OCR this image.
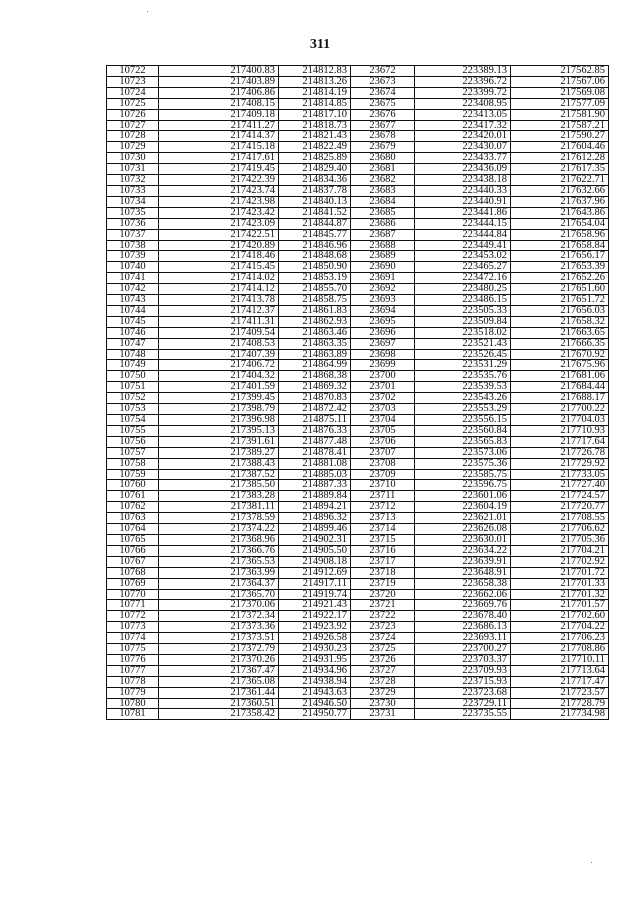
311
10722	217400.83	214812.83	23672	223389.13	217562.85
10723	217403.89	214813.26	23673	223396.72	217567.06
10724	217406.86	214814.19	23674	223399.72	217569.08
10725	217408.15	214814.85	23675	223408.95	217577.09
10726	217409.18	214817.10	23676	223413.05	217581.90
10727	217411.27	214818.73	23677	223417.32	217587.21
10728	217414.37	214821.43	23678	223420.01	217590.27
10729	217415.18	214822.49	23679	223430.07	217604.46
10730	217417.61	214825.89	23680	223433.77	217612.28
10731	217419.45	214829.40	23681	223436.09	217617.35
10732	217422.39	214834.36	23682	223438.18	217622.71
10733	217423.74	214837.78	23683	223440.33	217632.66
10734	217423.98	214840.13	23684	223440.91	217637.96
10735	217423.42	214841.52	23685	223441.86	217643.86
10736	217423.09	214844.87	23686	223444.15	217654.04
10737	217422.51	214845.77	23687	223444.84	217658.96
10738	217420.89	214846.96	23688	223449.41	217658.84
10739	217418.46	214848.68	23689	223453.02	217656.17
10740	217415.45	214850.90	23690	223465.27	217653.39
10741	217414.02	214853.19	23691	223472.16	217652.26
10742	217414.12	214855.70	23692	223480.25	217651.60
10743	217413.78	214858.75	23693	223486.15	217651.72
10744	217412.37	214861.83	23694	223505.33	217656.03
10745	217411.31	214862.93	23695	223509.84	217658.32
10746	217409.54	214863.46	23696	223518.02	217663.65
10747	217408.53	214863.35	23697	223521.43	217666.35
10748	217407.39	214863.89	23698	223526.45	217670.92
10749	217406.72	214864.99	23699	223531.29	217675.96
10750	217404.32	214868.38	23700	223535.76	217681.06
10751	217401.59	214869.32	23701	223539.53	217684.44
10752	217399.45	214870.83	23702	223543.26	217688.17
10753	217398.79	214872.42	23703	223553.29	217700.22
10754	217396.98	214875.11	23704	223556.15	217704.03
10755	217395.13	214876.33	23705	223560.84	217710.93
10756	217391.61	214877.48	23706	223565.83	217717.64
10757	217389.27	214878.41	23707	223573.06	217726.78
10758	217388.43	214881.08	23708	223575.36	217729.92
10759	217387.52	214885.03	23709	223585.75	217733.05
10760	217385.50	214887.33	23710	223596.75	217727.40
10761	217383.28	214889.84	23711	223601.06	217724.57
10762	217381.11	214894.21	23712	223604.19	217720.77
10763	217378.59	214896.32	23713	223621.01	217708.55
10764	217374.22	214899.46	23714	223626.08	217706.62
10765	217368.96	214902.31	23715	223630.01	217705.36
10766	217366.76	214905.50	23716	223634.22	217704.21
10767	217365.53	214908.18	23717	223639.91	217702.92
10768	217363.99	214912.69	23718	223648.91	217701.72
10769	217364.37	214917.11	23719	223658.38	217701.33
10770	217365.70	214919.74	23720	223662.06	217701.32
10771	217370.06	214921.43	23721	223669.76	217701.57
10772	217372.34	214922.17	23722	223678.40	217702.60
10773	217373.36	214923.92	23723	223686.13	217704.22
10774	217373.51	214926.58	23724	223693.11	217706.23
10775	217372.79	214930.23	23725	223700.27	217708.86
10776	217370.26	214931.95	23726	223703.37	217710.11
10777	217367.47	214934.96	23727	223709.93	217713.64
10778	217365.08	214938.94	23728	223715.93	217717.47
10779	217361.44	214943.63	23729	223723.68	217723.57
10780	217360.51	214946.50	23730	223729.11	217728.79
10781	217358.42	214950.77	23731	223735.55	217734.98
